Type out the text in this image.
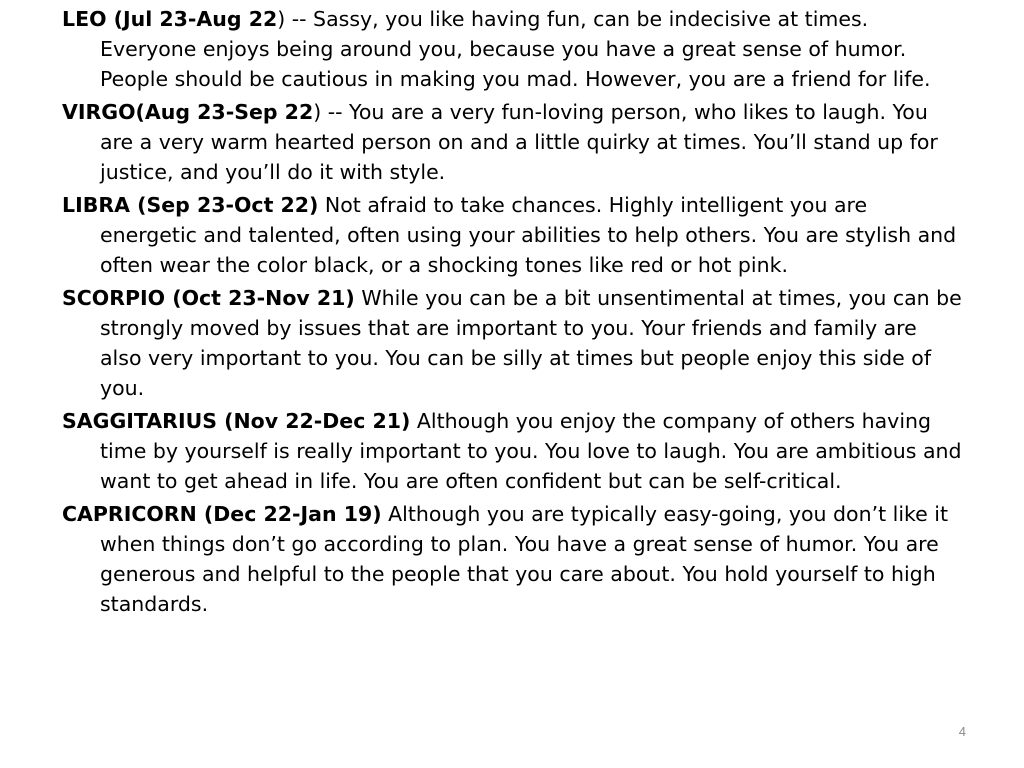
LEO (Jul 23-Aug 22) -- Sassy, you like having fun, can be indecisive at times. Everyone enjoys being around you, because you have a great sense of humor. People should be cautious in making you mad. However, you are a friend for life.
VIRGO(Aug 23-Sep 22) -- You are a very fun-loving person, who likes to laugh. You are a very warm hearted person on and a little quirky at times. You’ll stand up for justice, and you’ll do it with style.
LIBRA (Sep 23-Oct 22) Not afraid to take chances. Highly intelligent you are energetic and talented, often using your abilities to help others. You are stylish and often wear the color black, or a shocking tones like red or hot pink.
SCORPIO (Oct 23-Nov 21) While you can be a bit unsentimental at times, you can be strongly moved by issues that are important to you. Your friends and family are also very important to you. You can be silly at times but people enjoy this side of you.
SAGGITARIUS (Nov 22-Dec 21) Although you enjoy the company of others having time by yourself is really important to you. You love to laugh. You are ambitious and want to get ahead in life. You are often confident but can be self-critical.
CAPRICORN (Dec 22-Jan 19) Although you are typically easy-going, you don’t like it when things don’t go according to plan. You have a great sense of humor. You are generous and helpful to the people that you care about. You hold yourself to high standards.
4
